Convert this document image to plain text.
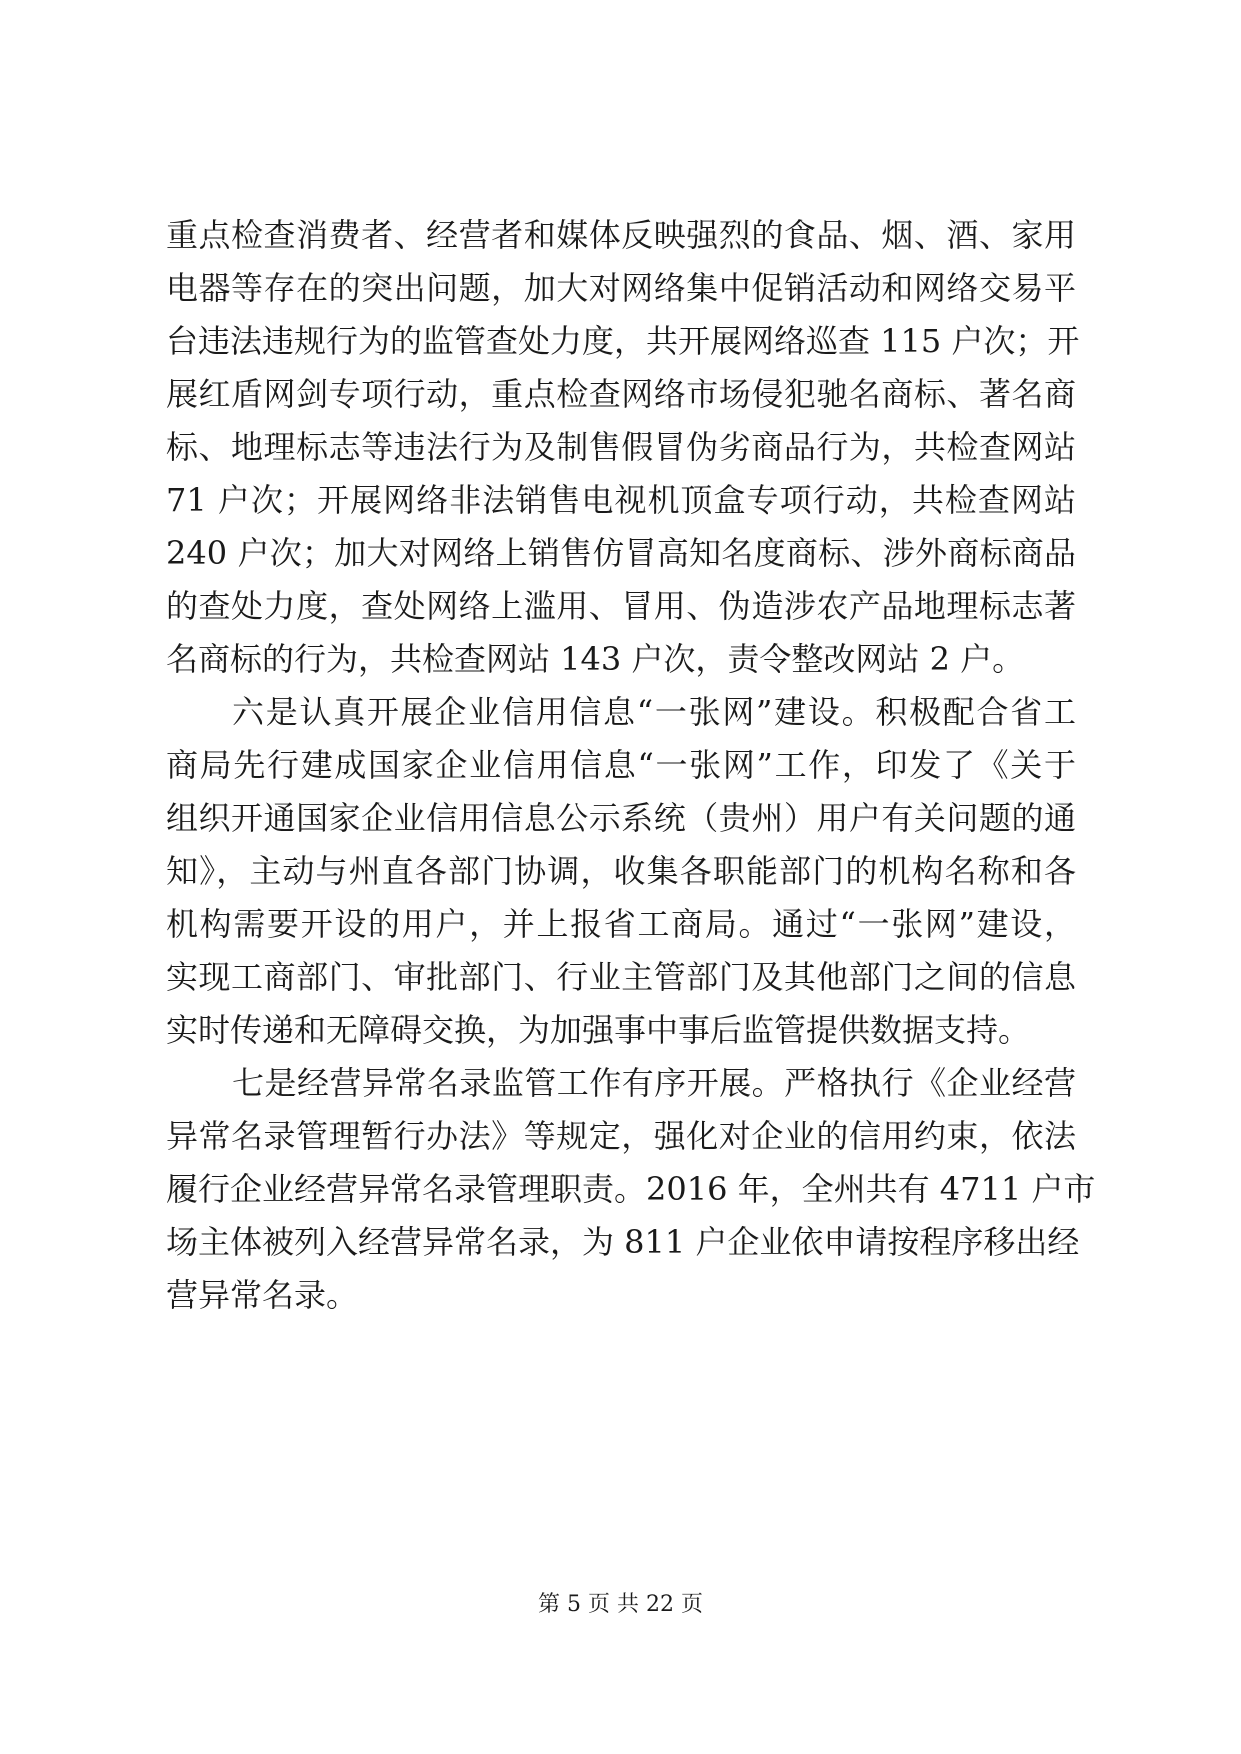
重点检查消费者、经营者和媒体反映强烈的食品、烟、酒、家用
电器等存在的突出问题，加大对网络集中促销活动和网络交易平
台违法违规行为的监管查处力度，共开展网络巡查 115 户次；开
展红盾网剑专项行动，重点检查网络市场侵犯驰名商标、著名商
标、地理标志等违法行为及制售假冒伪劣商品行为，共检查网站
71 户次；开展网络非法销售电视机顶盒专项行动，共检查网站
240 户次；加大对网络上销售仿冒高知名度商标、涉外商标商品
的查处力度，查处网络上滥用、冒用、伪造涉农产品地理标志著
名商标的行为，共检查网站 143 户次，责令整改网站 2 户。
六是认真开展企业信用信息“一张网”建设。积极配合省工
商局先行建成国家企业信用信息“一张网”工作，印发了《关于
组织开通国家企业信用信息公示系统（贵州）用户有关问题的通
知》，主动与州直各部门协调，收集各职能部门的机构名称和各
机构需要开设的用户，并上报省工商局。通过“一张网”建设，
实现工商部门、审批部门、行业主管部门及其他部门之间的信息
实时传递和无障碍交换，为加强事中事后监管提供数据支持。
七是经营异常名录监管工作有序开展。严格执行《企业经营
异常名录管理暂行办法》等规定，强化对企业的信用约束，依法
履行企业经营异常名录管理职责。2016 年，全州共有 4711 户市
场主体被列入经营异常名录，为 811 户企业依申请按程序移出经
营异常名录。
第 5 页 共 22 页
